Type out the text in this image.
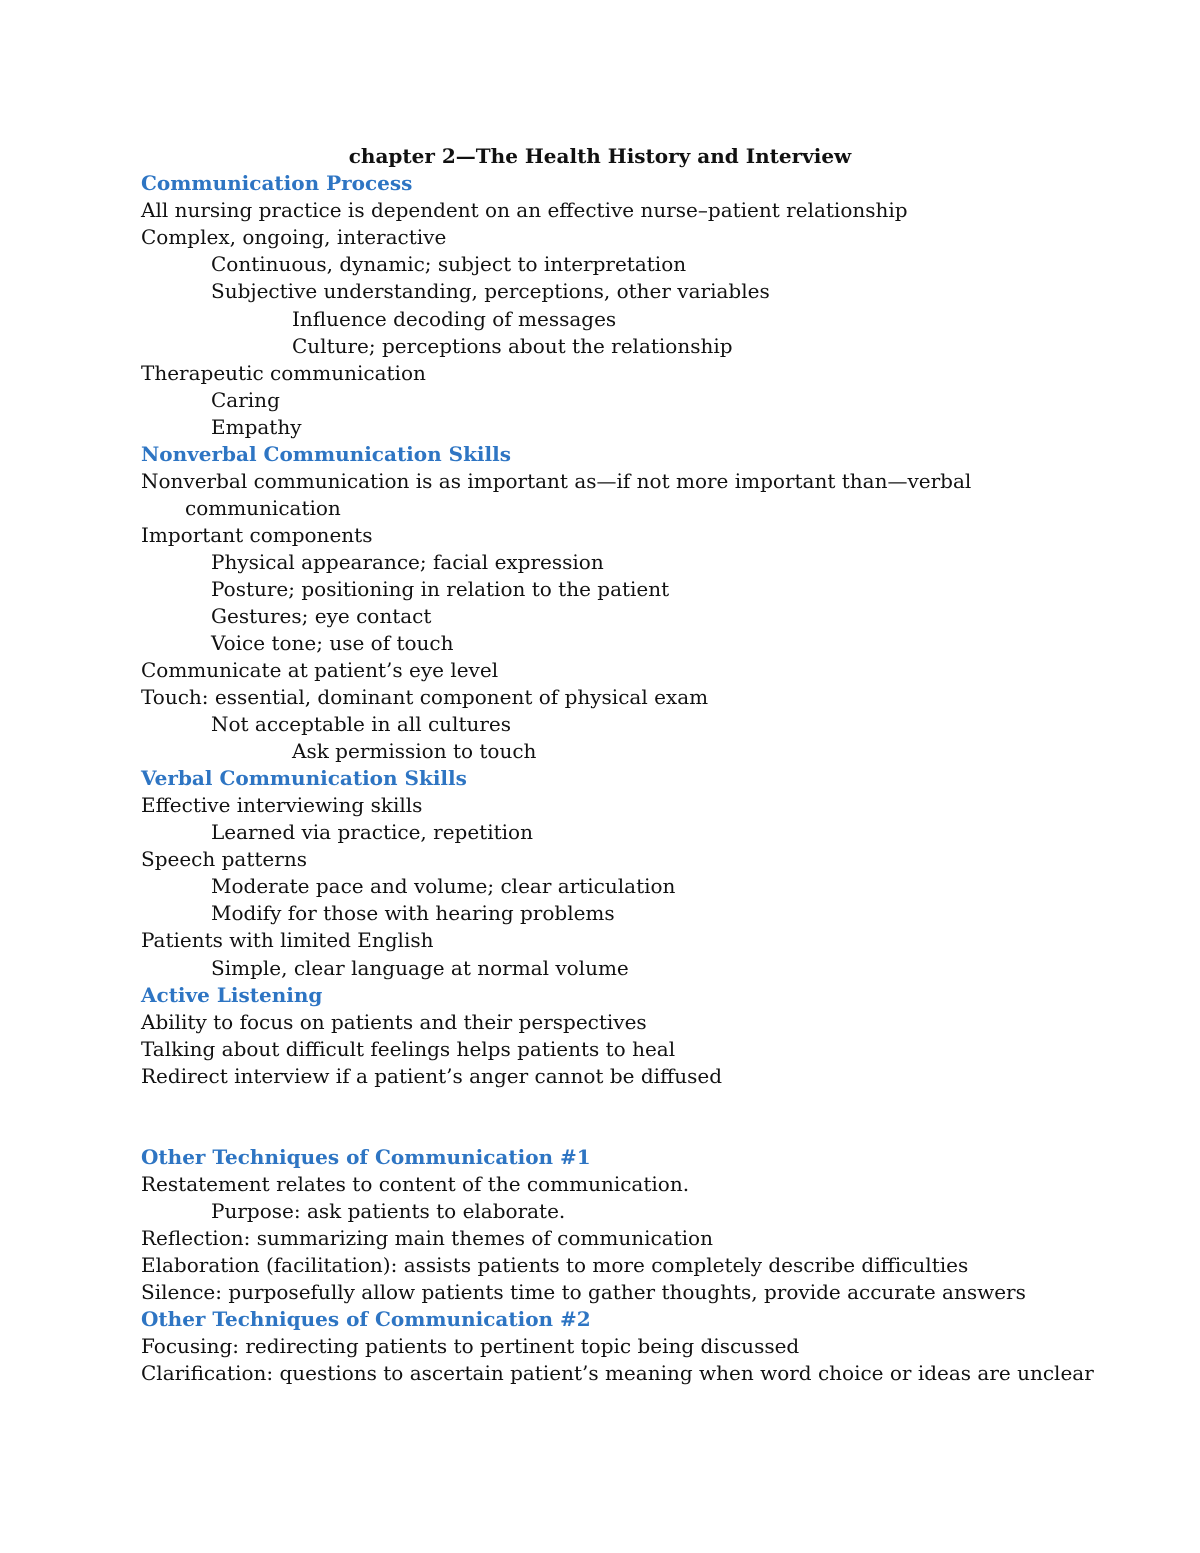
chapter 2—The Health History and Interview
Communication Process
All nursing practice is dependent on an effective nurse–patient relationship
Complex, ongoing, interactive
Continuous, dynamic; subject to interpretation
Subjective understanding, perceptions, other variables
Influence decoding of messages
Culture; perceptions about the relationship
Therapeutic communication
Caring
Empathy
Nonverbal Communication Skills
Nonverbal communication is as important as—if not more important than—verbal
communication
Important components
Physical appearance; facial expression
Posture; positioning in relation to the patient
Gestures; eye contact
Voice tone; use of touch
Communicate at patient’s eye level
Touch: essential, dominant component of physical exam
Not acceptable in all cultures
Ask permission to touch
Verbal Communication Skills
Effective interviewing skills
Learned via practice, repetition
Speech patterns
Moderate pace and volume; clear articulation
Modify for those with hearing problems
Patients with limited English
Simple, clear language at normal volume
Active Listening
Ability to focus on patients and their perspectives
Talking about difficult feelings helps patients to heal
Redirect interview if a patient’s anger cannot be diffused
Other Techniques of Communication #1
Restatement relates to content of the communication.
Purpose: ask patients to elaborate.
Reflection: summarizing main themes of communication
Elaboration (facilitation): assists patients to more completely describe difficulties
Silence: purposefully allow patients time to gather thoughts, provide accurate answers
Other Techniques of Communication #2
Focusing: redirecting patients to pertinent topic being discussed
Clarification: questions to ascertain patient’s meaning when word choice or ideas are unclear
